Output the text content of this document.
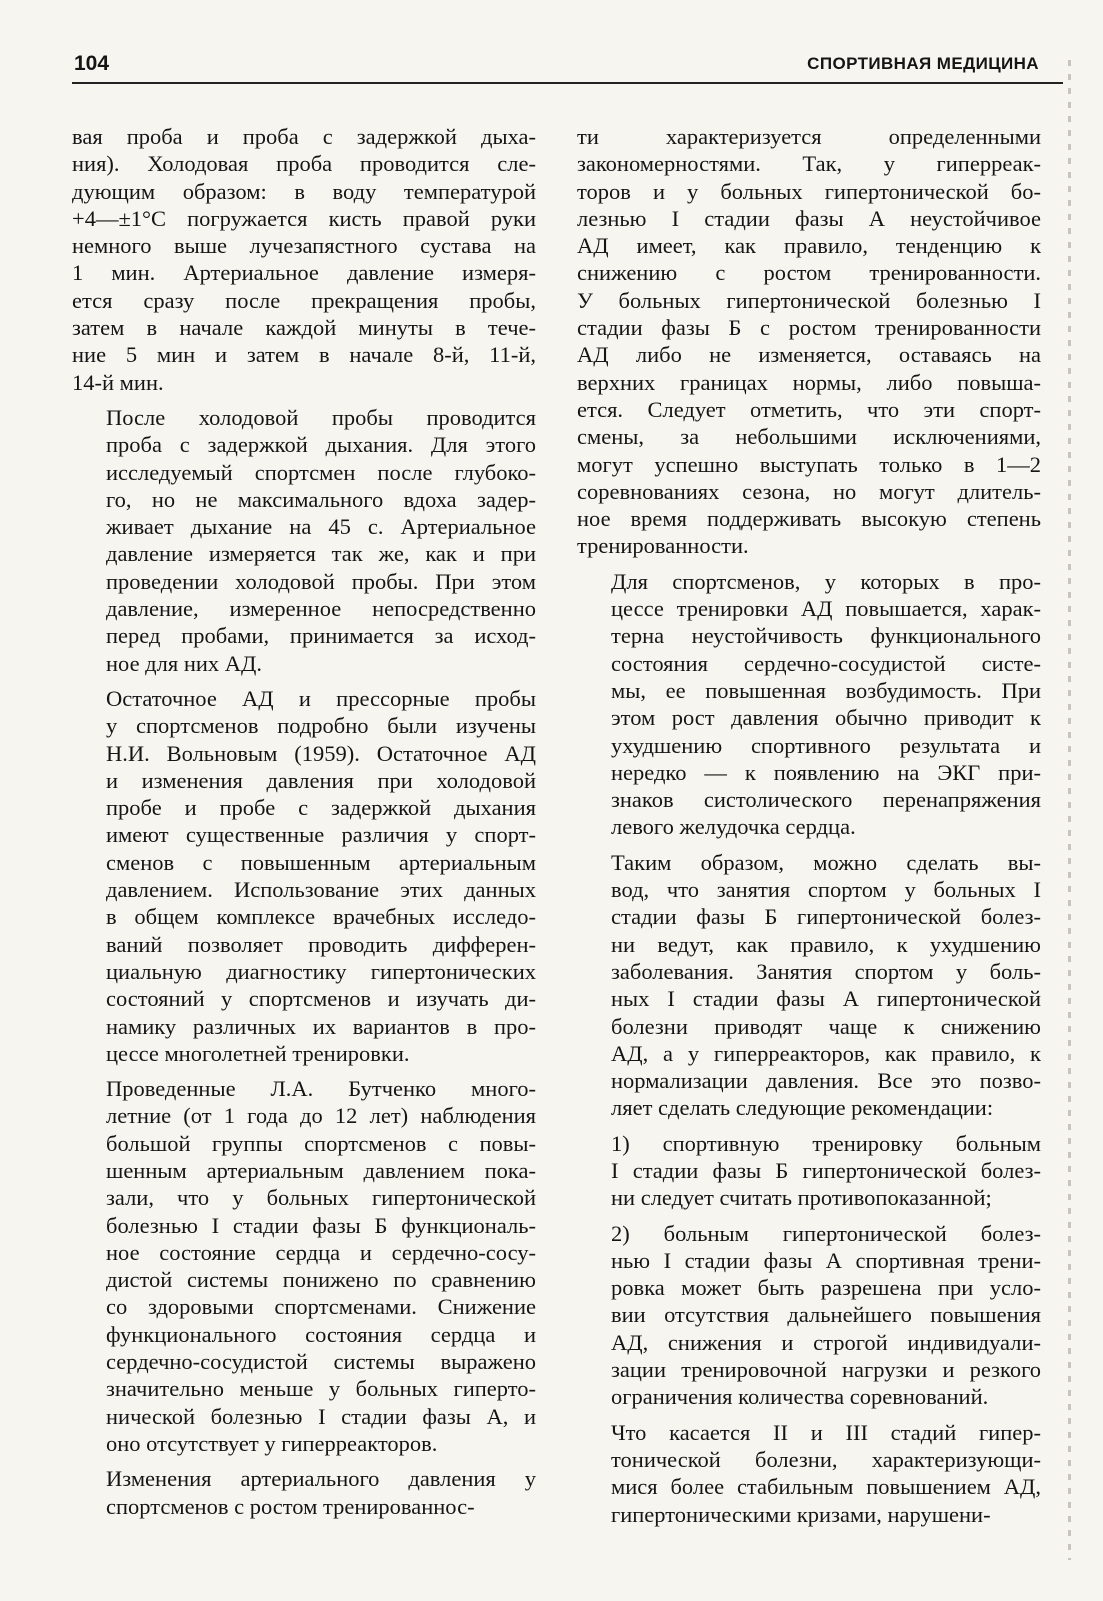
104	СПОРТИВНАЯ МЕДИЦИНА

вая проба и проба с задержкой дыха-
ния). Холодовая проба проводится сле-
дующим образом: в воду температурой
+4—±1°С погружается кисть правой руки
немного выше лучезапястного сустава на
1 мин. Артериальное давление измеря-
ется сразу после прекращения пробы,
затем в начале каждой минуты в тече-
ние 5 мин и затем в начале 8-й, 11-й,
14-й мин.

После холодовой пробы проводится
проба с задержкой дыхания. Для этого
исследуемый спортсмен после глубоко-
го, но не максимального вдоха задер-
живает дыхание на 45 с. Артериальное
давление измеряется так же, как и при
проведении холодовой пробы. При этом
давление, измеренное непосредственно
перед пробами, принимается за исход-
ное для них АД.

Остаточное АД и прессорные пробы
у спортсменов подробно были изучены
Н.И. Вольновым (1959). Остаточное АД
и изменения давления при холодовой
пробе и пробе с задержкой дыхания
имеют существенные различия у спорт-
сменов с повышенным артериальным
давлением. Использование этих данных
в общем комплексе врачебных исследо-
ваний позволяет проводить дифферен-
циальную диагностику гипертонических
состояний у спортсменов и изучать ди-
намику различных их вариантов в про-
цессе многолетней тренировки.

Проведенные Л.А. Бутченко много-
летние (от 1 года до 12 лет) наблюдения
большой группы спортсменов с повы-
шенным артериальным давлением пока-
зали, что у больных гипертонической
болезнью I стадии фазы Б функциональ-
ное состояние сердца и сердечно-сосу-
дистой системы понижено по сравнению
со здоровыми спортсменами. Снижение
функционального состояния сердца и
сердечно-сосудистой системы выражено
значительно меньше у больных гиперто-
нической болезнью I стадии фазы А, и
оно отсутствует у гиперреакторов.

Изменения артериального давления у
спортсменов с ростом тренированнос-

ти характеризуется определенными
закономерностями. Так, у гиперреак-
торов и у больных гипертонической бо-
лезнью I стадии фазы А неустойчивое
АД имеет, как правило, тенденцию к
снижению с ростом тренированности.
У больных гипертонической болезнью I
стадии фазы Б с ростом тренированности
АД либо не изменяется, оставаясь на
верхних границах нормы, либо повыша-
ется. Следует отметить, что эти спорт-
смены, за небольшими исключениями,
могут успешно выступать только в 1—2
соревнованиях сезона, но могут длитель-
ное время поддерживать высокую степень
тренированности.

Для спортсменов, у которых в про-
цессе тренировки АД повышается, харак-
терна неустойчивость функционального
состояния сердечно-сосудистой систе-
мы, ее повышенная возбудимость. При
этом рост давления обычно приводит к
ухудшению спортивного результата и
нередко — к появлению на ЭКГ при-
знаков систолического перенапряжения
левого желудочка сердца.

Таким образом, можно сделать вы-
вод, что занятия спортом у больных I
стадии фазы Б гипертонической болез-
ни ведут, как правило, к ухудшению
заболевания. Занятия спортом у боль-
ных I стадии фазы А гипертонической
болезни приводят чаще к снижению
АД, а у гиперреакторов, как правило, к
нормализации давления. Все это позво-
ляет сделать следующие рекомендации:

1) спортивную тренировку больным
I стадии фазы Б гипертонической болез-
ни следует считать противопоказанной;

2) больным гипертонической болез-
нью I стадии фазы А спортивная трени-
ровка может быть разрешена при усло-
вии отсутствия дальнейшего повышения
АД, снижения и строгой индивидуали-
зации тренировочной нагрузки и резкого
ограничения количества соревнований.

Что касается II и III стадий гипер-
тонической болезни, характеризующи-
мися более стабильным повышением АД,
гипертоническими кризами, нарушени-
